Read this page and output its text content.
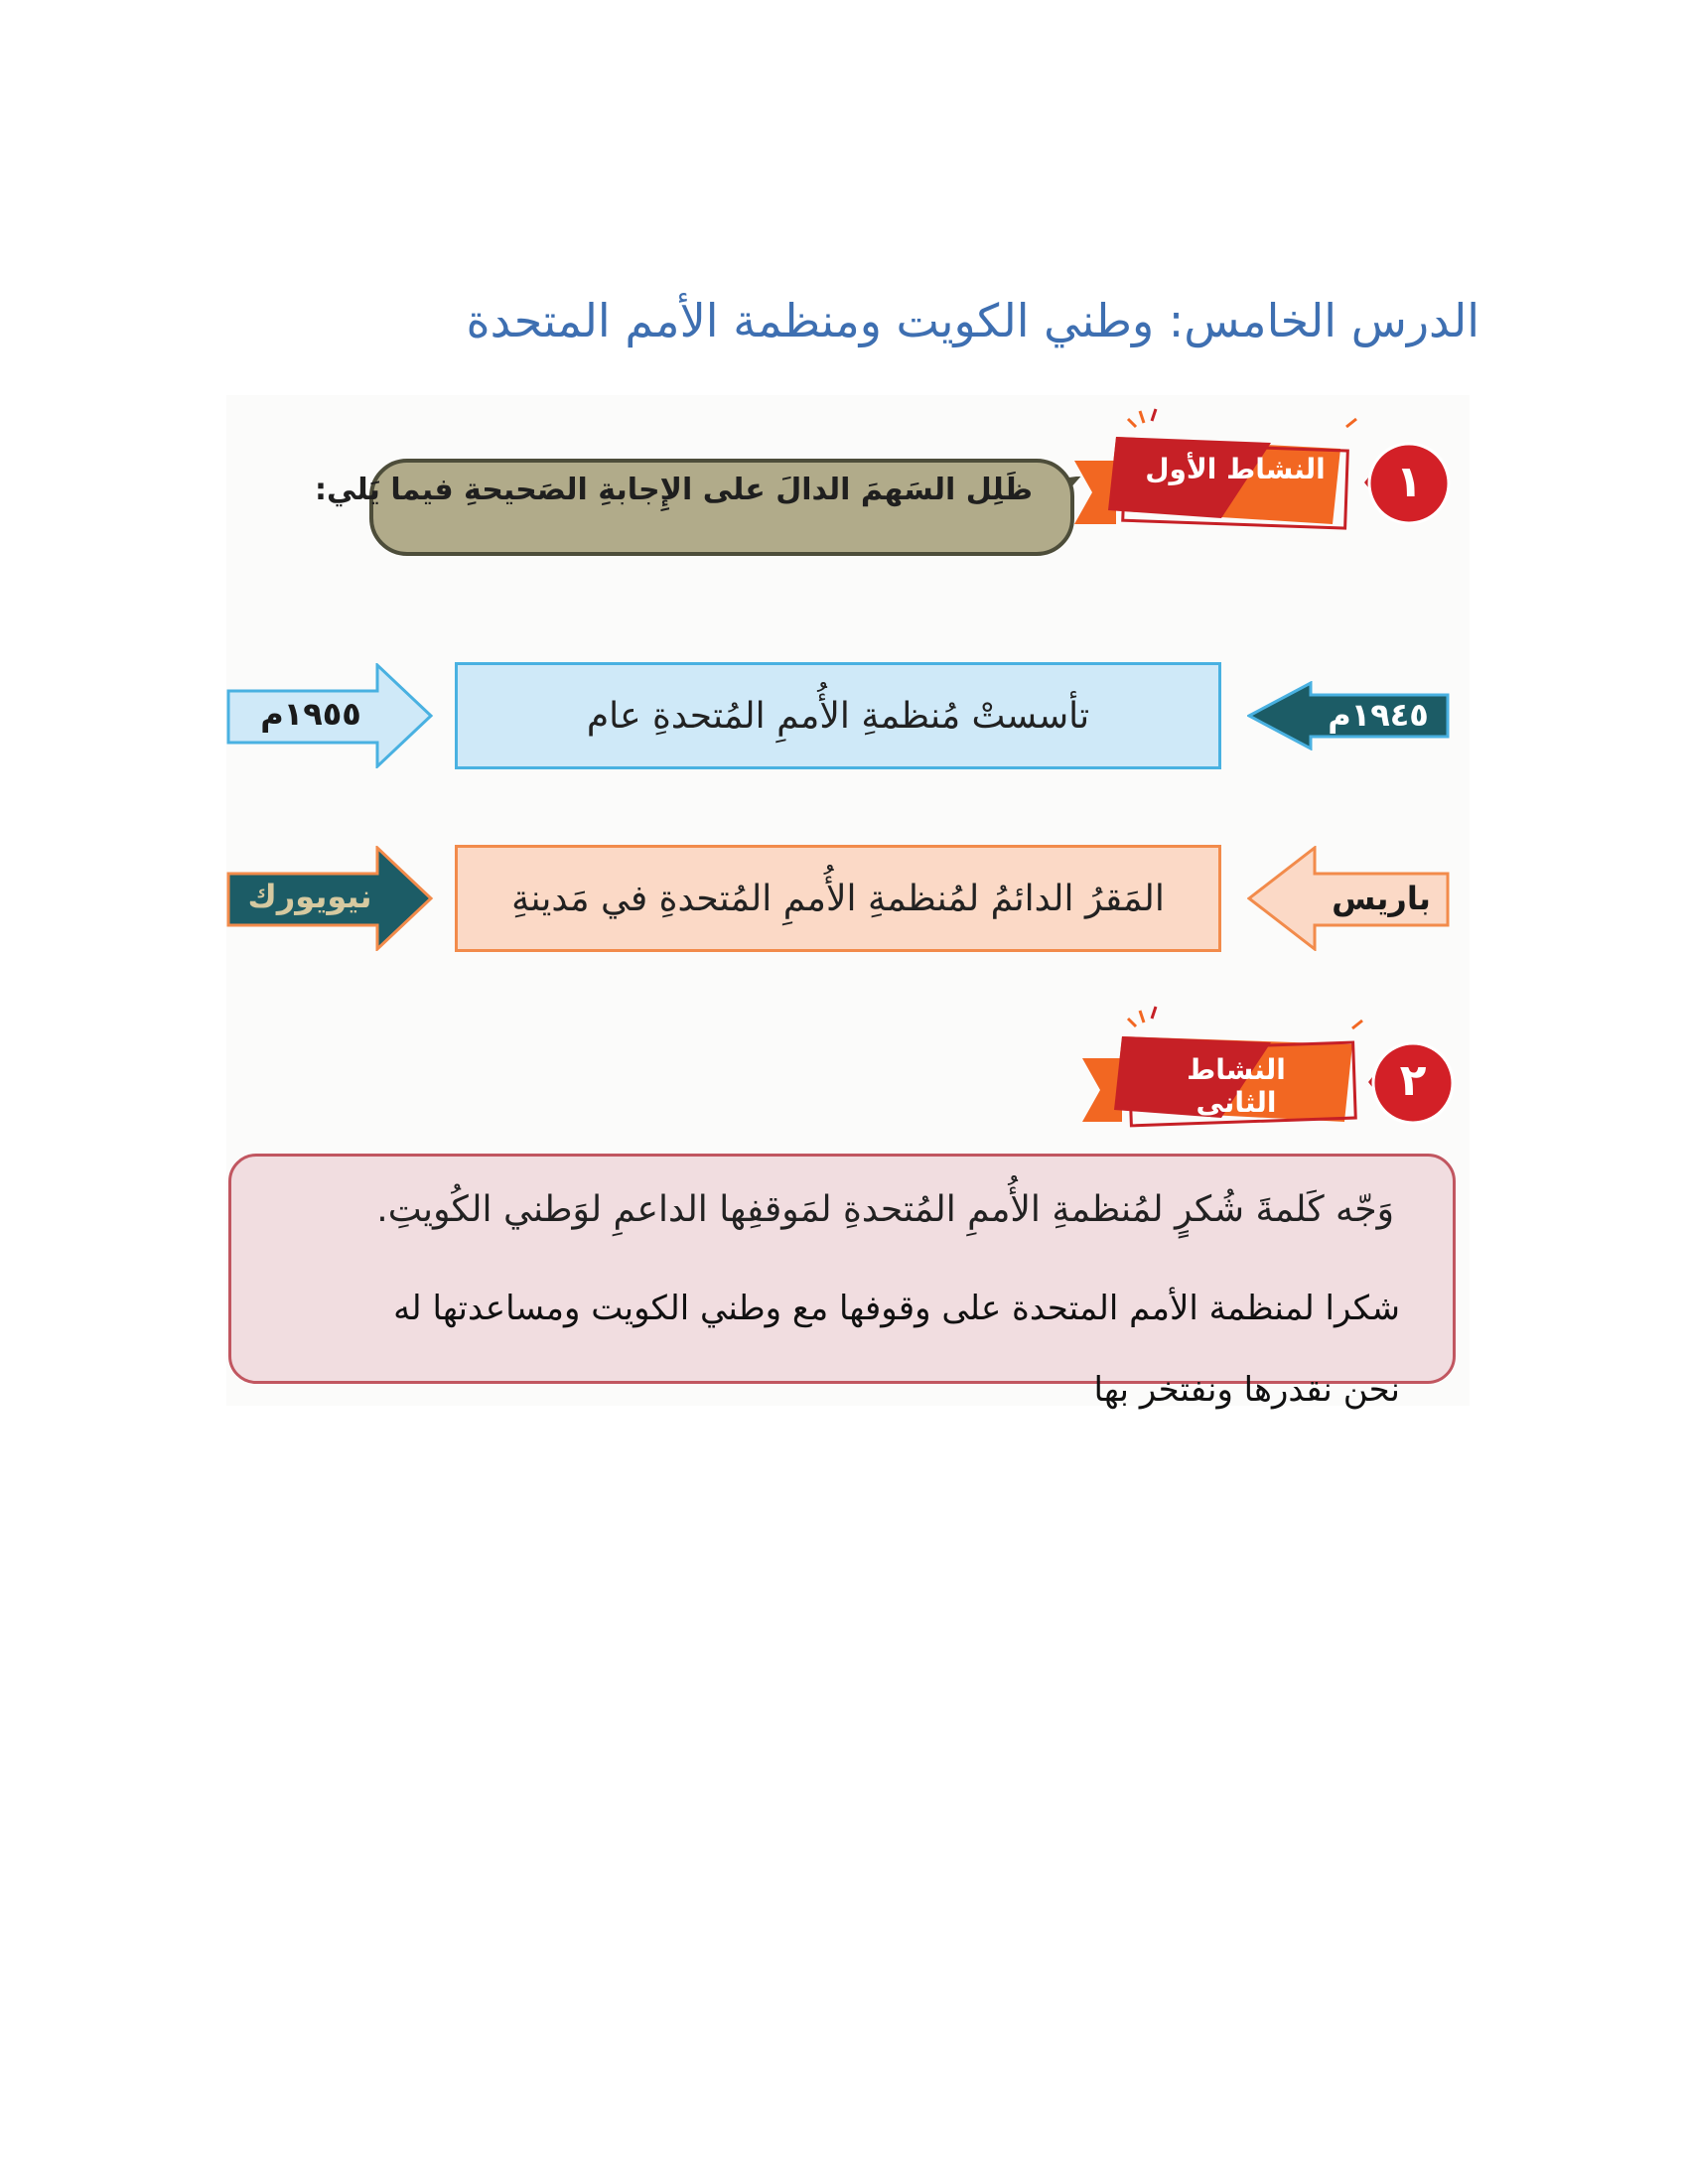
الدرس الخامس: وطني الكويت ومنظمة الأمم المتحدة
النشاط الأول	١
ظَلِل السَهمَ الدالَ على الإِجابةِ الصَحيحةِ فيما يَلي:
١٩٤٥م
تأسستْ مُنظمةِ الأُممِ المُتحدةِ عام
١٩٥٥م
باريس
المَقرُ الدائمُ لمُنظمةِ الأُممِ المُتحدةِ في مَدينةِ
نيويورك
النشاط الثاني	٢
وَجّه كَلمةَ شُكرٍ لمُنظمةِ الأُممِ المُتحدةِ لمَوقفِها الداعمِ لوَطني الكُويتِ.
شكرا لمنظمة الأمم المتحدة على وقوفها مع وطني الكويت ومساعدتها له
نحن نقدرها ونفتخر بها
